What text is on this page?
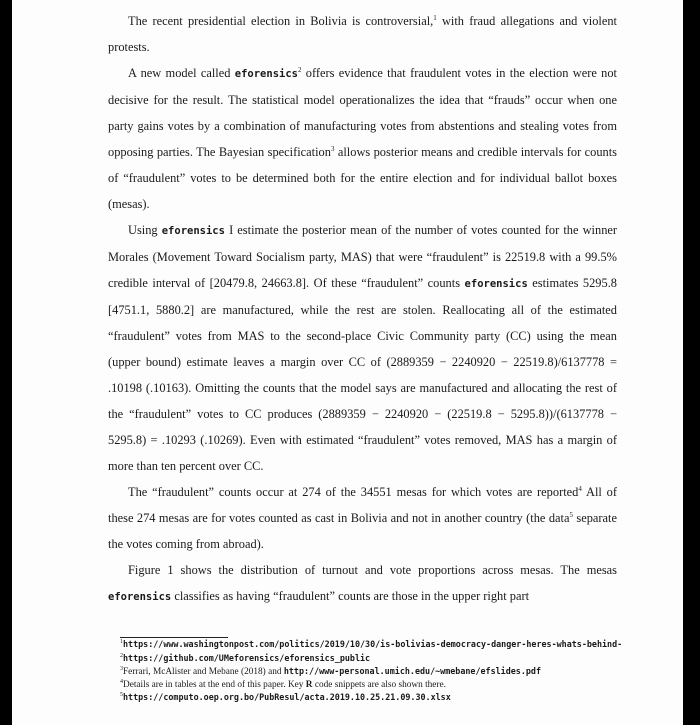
The recent presidential election in Bolivia is controversial,$^1$ with fraud allegations and violent protests.

A new model called eforensics$^2$ offers evidence that fraudulent votes in the election were not decisive for the result. The statistical model operationalizes the idea that “frauds” occur when one party gains votes by a combination of manufacturing votes from abstentions and stealing votes from opposing parties. The Bayesian specification$^3$ allows posterior means and credible intervals for counts of “fraudulent” votes to be determined both for the entire election and for individual ballot boxes (mesas).

Using eforensics I estimate the posterior mean of the number of votes counted for the winner Morales (Movement Toward Socialism party, MAS) that were “fraudulent” is 22519.8 with a 99.5% credible interval of [20479.8, 24663.8]. Of these “fraudulent” counts eforensics estimates 5295.8 [4751.1, 5880.2] are manufactured, while the rest are stolen. Reallocating all of the estimated “fraudulent” votes from MAS to the second-place Civic Community party (CC) using the mean (upper bound) estimate leaves a margin over CC of (2889359 − 2240920 − 22519.8)/6137778 = .10198 (.10163). Omitting the counts that the model says are manufactured and allocating the rest of the “fraudulent” votes to CC produces (2889359 − 2240920 − (22519.8 − 5295.8))/(6137778 − 5295.8) = .10293 (.10269). Even with estimated “fraudulent” votes removed, MAS has a margin of more than ten percent over CC.

The “fraudulent” counts occur at 274 of the 34551 mesas for which votes are reported$^4$ All of these 274 mesas are for votes counted as cast in Bolivia and not in another country (the data$^5$ separate the votes coming from abroad).

Figure 1 shows the distribution of turnout and vote proportions across mesas. The mesas eforensics classifies as having “fraudulent” counts are those in the upper right part

$^1$https://www.washingtonpost.com/politics/2019/10/30/is-bolivias-democracy-danger-heres-whats-behind-
$^2$https://github.com/UMeforensics/eforensics_public
$^3$Ferrari, McAlister and Mebane (2018) and http://www-personal.umich.edu/~wmebane/efslides.pdf
$^4$Details are in tables at the end of this paper. Key R code snippets are also shown there.
$^5$https://computo.oep.org.bo/PubResul/acta.2019.10.25.21.09.30.xlsx
